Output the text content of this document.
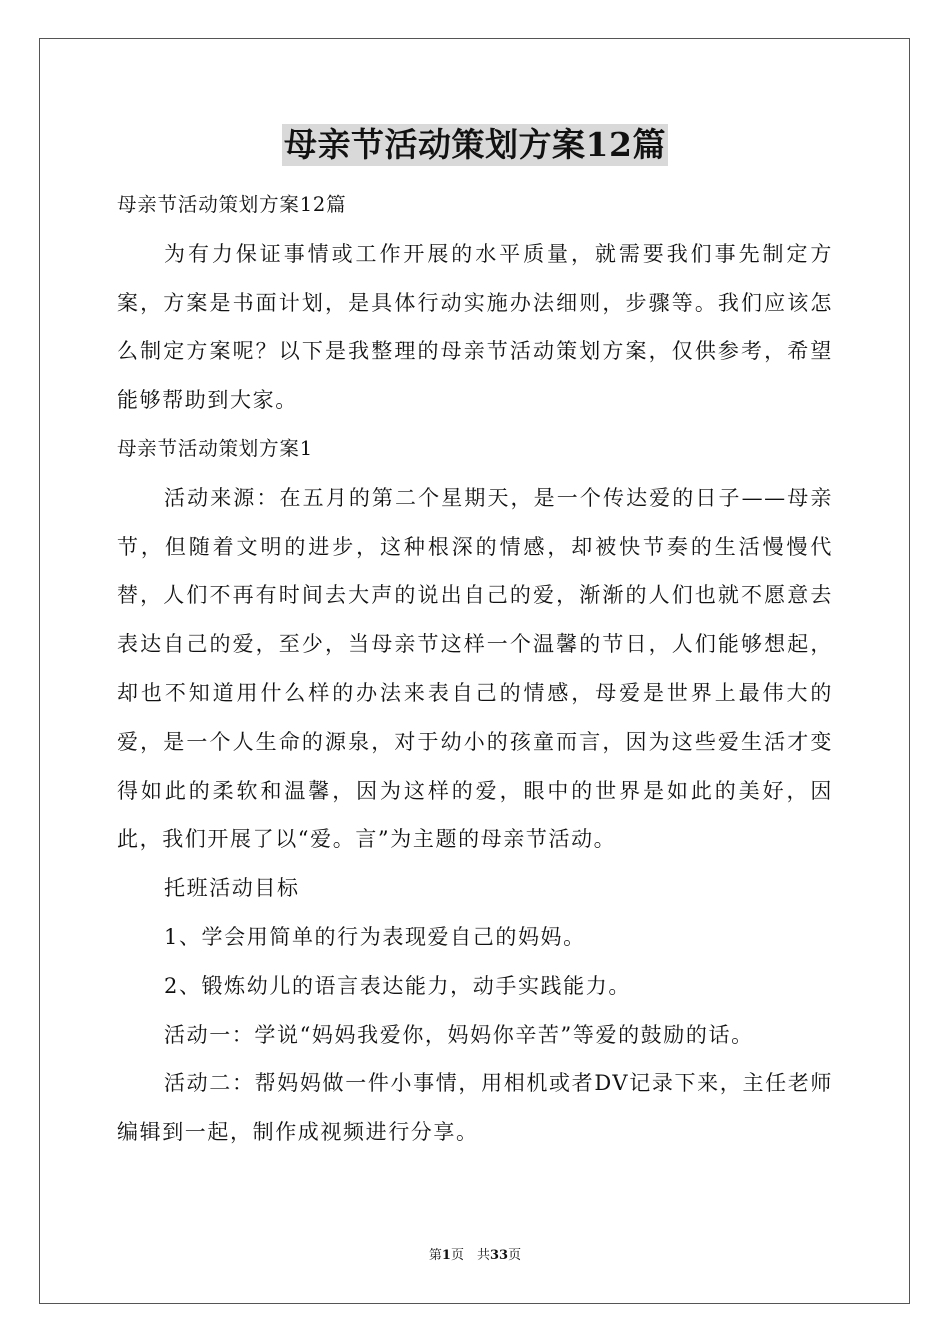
母亲节活动策划方案12篇

母亲节活动策划方案12篇

为有力保证事情或工作开展的水平质量，就需要我们事先制定方案，方案是书面计划，是具体行动实施办法细则，步骤等。我们应该怎么制定方案呢？以下是我整理的母亲节活动策划方案，仅供参考，希望能够帮助到大家。

母亲节活动策划方案1

活动来源：在五月的第二个星期天，是一个传达爱的日子——母亲节，但随着文明的进步，这种根深的情感，却被快节奏的生活慢慢代替，人们不再有时间去大声的说出自己的爱，渐渐的人们也就不愿意去表达自己的爱，至少，当母亲节这样一个温馨的节日，人们能够想起，却也不知道用什么样的办法来表自己的情感，母爱是世界上最伟大的爱，是一个人生命的源泉，对于幼小的孩童而言，因为这些爱生活才变得如此的柔软和温馨，因为这样的爱，眼中的世界是如此的美好，因此，我们开展了以“爱。言”为主题的母亲节活动。

托班活动目标

1、学会用简单的行为表现爱自己的妈妈。

2、锻炼幼儿的语言表达能力，动手实践能力。

活动一：学说“妈妈我爱你，妈妈你辛苦”等爱的鼓励的话。

活动二：帮妈妈做一件小事情，用相机或者DV记录下来，主任老师编辑到一起，制作成视频进行分享。

第1页　共33页
